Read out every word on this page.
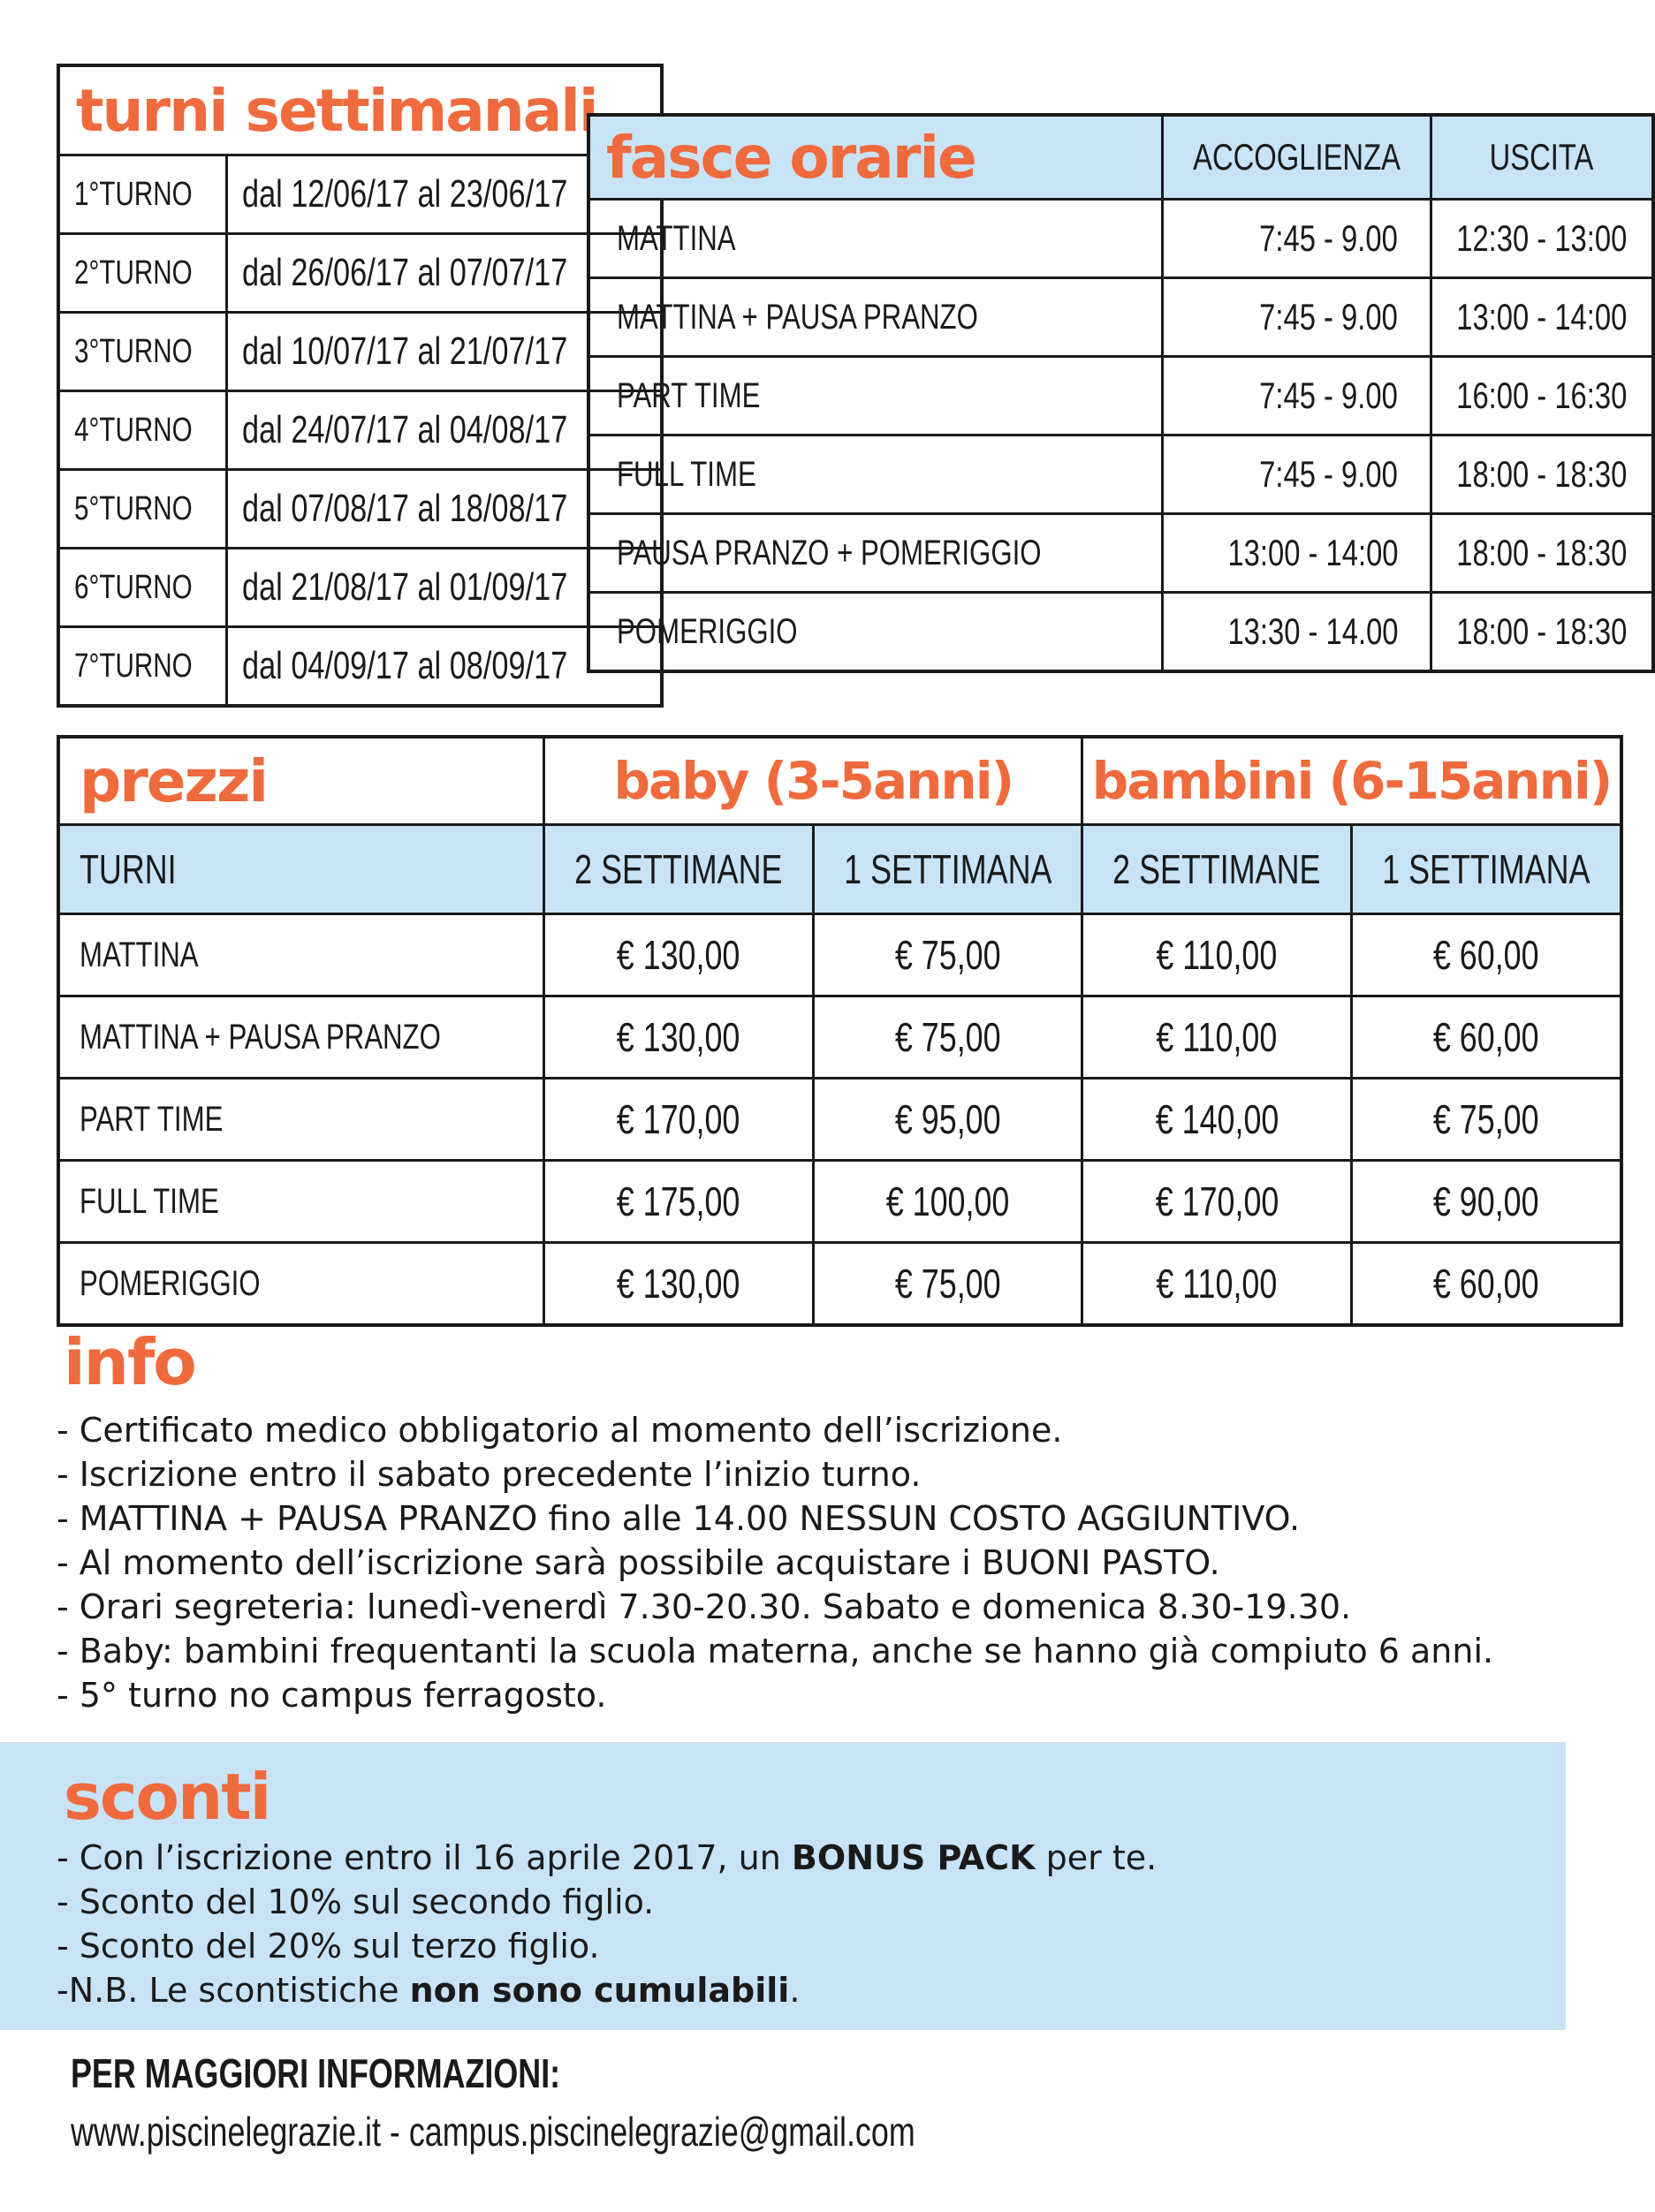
turni settimanali	
1°TURNO	dal 12/06/17 al 23/06/17
2°TURNO	dal 26/06/17 al 07/07/17
3°TURNO	dal 10/07/17 al 21/07/17
4°TURNO	dal 24/07/17 al 04/08/17
5°TURNO	dal 07/08/17 al 18/08/17
6°TURNO	dal 21/08/17 al 01/09/17
7°TURNO	dal 04/09/17 al 08/09/17
fasce orarie	ACCOGLIENZA	USCITA
MATTINA	7:45 - 9.00	12:30 - 13:00
MATTINA + PAUSA PRANZO	7:45 - 9.00	13:00 - 14:00
PART TIME	7:45 - 9.00	16:00 - 16:30
FULL TIME	7:45 - 9.00	18:00 - 18:30
PAUSA PRANZO + POMERIGGIO	13:00 - 14:00	18:00 - 18:30
POMERIGGIO	13:30 - 14.00	18:00 - 18:30
prezzi	baby (3-5anni)		bambini (6-15anni)	
TURNI	2 SETTIMANE	1 SETTIMANA	2 SETTIMANE	1 SETTIMANA
MATTINA	€ 130,00	€ 75,00	€ 110,00	€ 60,00
MATTINA + PAUSA PRANZO	€ 130,00	€ 75,00	€ 110,00	€ 60,00
PART TIME	€ 170,00	€ 95,00	€ 140,00	€ 75,00
FULL TIME	€ 175,00	€ 100,00	€ 170,00	€ 90,00
POMERIGGIO	€ 130,00	€ 75,00	€ 110,00	€ 60,00
info
- Certificato medico obbligatorio al momento dell’iscrizione.
- Iscrizione entro il sabato precedente l’inizio turno.
- MATTINA + PAUSA PRANZO fino alle 14.00 NESSUN COSTO AGGIUNTIVO.
- Al momento dell’iscrizione sarà possibile acquistare i BUONI PASTO.
- Orari segreteria: lunedì-venerdì 7.30-20.30. Sabato e domenica 8.30-19.30.
- Baby: bambini frequentanti la scuola materna, anche se hanno già compiuto 6 anni.
- 5° turno no campus ferragosto.
sconti
- Con l’iscrizione entro il 16 aprile 2017, un BONUS PACK per te.
- Sconto del 10% sul secondo figlio.
- Sconto del 20% sul terzo figlio.
-N.B. Le scontistiche non sono cumulabili.
PER MAGGIORI INFORMAZIONI:
www.piscinelegrazie.it - campus.piscinelegrazie@gmail.com
